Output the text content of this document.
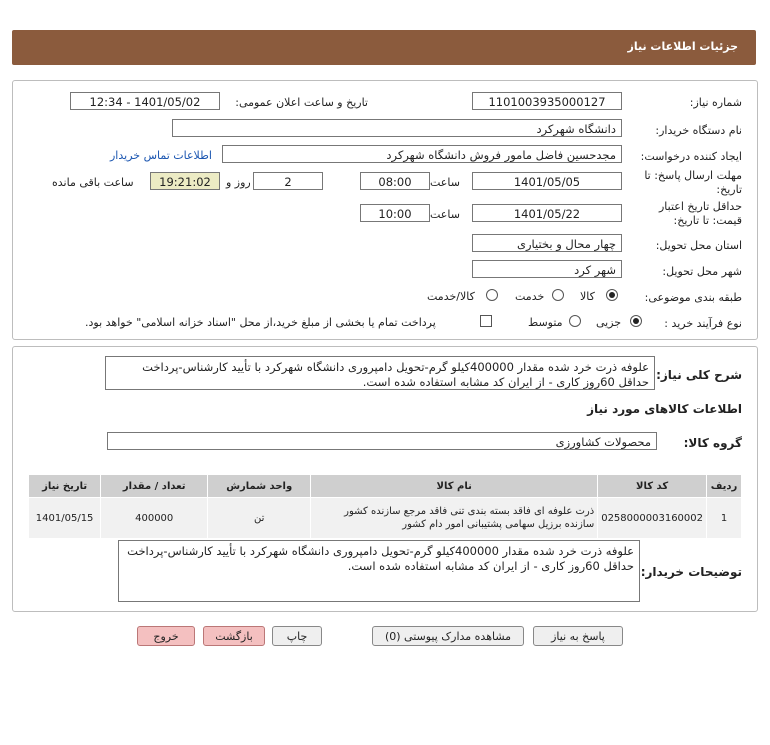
جزئیات اطلاعات نیاز
شماره نیاز:
1101003935000127
تاریخ و ساعت اعلان عمومی:
1401/05/02 - 12:34
نام دستگاه خریدار:
دانشگاه شهرکرد
ایجاد کننده درخواست:
مجدحسین فاضل مامور فروش دانشگاه شهرکرد
اطلاعات تماس خریدار
مهلت ارسال پاسخ: تا
تاریخ:
1401/05/05
ساعت
08:00
2
روز و
19:21:02
ساعت باقی مانده
حداقل تاریخ اعتبار
قیمت: تا تاریخ:
1401/05/22
ساعت
10:00
استان محل تحویل:
چهار محال و بختیاری
شهر محل تحویل:
شهر کرد
طبقه بندی موضوعی:
کالا
خدمت
کالا/خدمت
نوع فرآیند خرید :
جزیی
متوسط
پرداخت تمام یا بخشی از مبلغ خرید،از محل "اسناد خزانه اسلامی" خواهد بود.
شرح کلی نیاز:
علوفه ذرت خرد شده مقدار 400000کیلو گرم-تحویل دامپروری دانشگاه شهرکرد با تأیید کارشناس-پرداخت حداقل 60روز کاری - از ایران کد مشابه استفاده شده است.
اطلاعات کالاهای مورد نیاز
گروه کالا:
محصولات کشاورزی
ردیف	کد کالا	نام کالا	واحد شمارش	تعداد / مقدار	تاریخ نیاز
1	0258000003160002	ذرت علوفه ای فاقد بسته بندی تنی فاقد مرجع سازنده کشور سازنده برزیل سهامی پشتیبانی امور دام کشور	تن	400000	1401/05/15
توضیحات خریدار:
علوفه ذرت خرد شده مقدار 400000کیلو گرم-تحویل دامپروری دانشگاه شهرکرد با تأیید کارشناس-پرداخت حداقل 60روز کاری - از ایران کد مشابه استفاده شده است.
پاسخ به نیاز
مشاهده مدارک پیوستی (0)
چاپ
بازگشت
خروج
